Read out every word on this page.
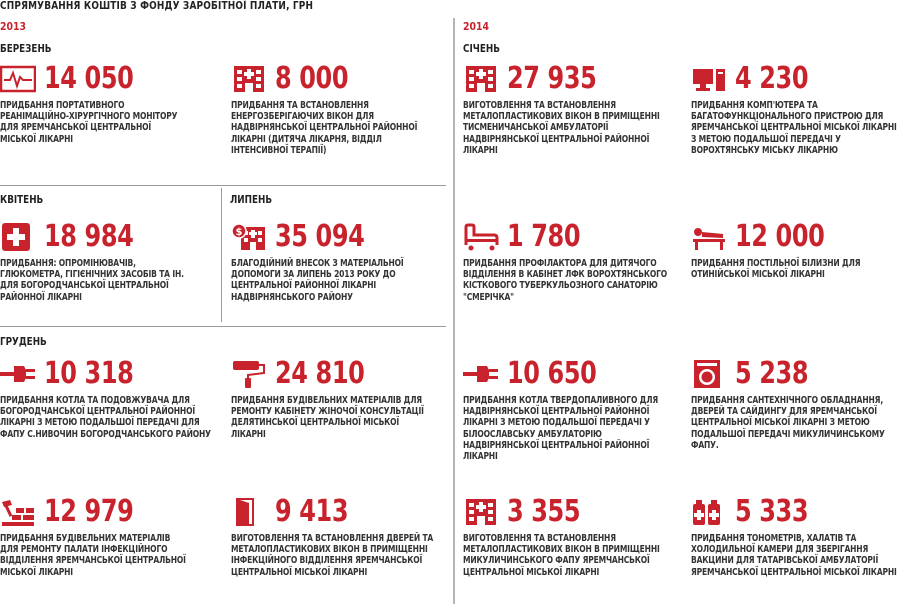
СПРЯМУВАННЯ КОШТІВ З ФОНДУ ЗАРОБІТНОЇ ПЛАТИ, ГРН
2013	2014
БЕРЕЗЕНЬ
КВІТЕНЬ	ЛИПЕНЬ
ГРУДЕНЬ
СІЧЕНЬ
14 050
ПРИДБАННЯ ПОРТАТИВНОГО
РЕАНІМАЦІЙНО-ХІРУРГІЧНОГО МОНІТОРУ
ДЛЯ ЯРЕМЧАНСЬКОЇ ЦЕНТРАЛЬНОЇ
МІСЬКОЇ ЛІКАРНІ
8 000
ПРИДБАННЯ ТА ВСТАНОВЛЕННЯ
ЕНЕРГОЗБЕРІГАЮЧИХ ВІКОН ДЛЯ
НАДВІРНЯНСЬКОЇ ЦЕНТРАЛЬНОЇ РАЙОННОЇ
ЛІКАРНІ (ДИТЯЧА ЛІКАРНЯ, ВІДДІЛ
ІНТЕНСИВНОЇ ТЕРАПІЇ)
18 984
ПРИДБАННЯ: ОПРОМІНЮВАЧІВ,
ГЛЮКОМЕТРА, ГІГІЄНІЧНИХ ЗАСОБІВ ТА ІН.
ДЛЯ БОГОРОДЧАНСЬКОЇ ЦЕНТРАЛЬНОЇ
РАЙОННОЇ ЛІКАРНІ
$ 35 094
БЛАГОДІЙНИЙ ВНЕСОК З МАТЕРІАЛЬНОЇ
ДОПОМОГИ ЗА ЛИПЕНЬ 2013 РОКУ ДО
ЦЕНТРАЛЬНОЇ РАЙОННОЇ ЛІКАРНІ
НАДВІРНЯНСЬКОГО РАЙОНУ
10 318
ПРИДБАННЯ КОТЛА ТА ПОДОВЖУВАЧА ДЛЯ
БОГОРОДЧАНСЬКОЇ ЦЕНТРАЛЬНОЇ РАЙОННОЇ
ЛІКАРНІ З МЕТОЮ ПОДАЛЬШОЇ ПЕРЕДАЧІ ДЛЯ
ФАПУ С.НИВОЧИН БОГОРОДЧАНСЬКОГО РАЙОНУ
24 810
ПРИДБАННЯ БУДІВЕЛЬНИХ МАТЕРІАЛІВ ДЛЯ
РЕМОНТУ КАБІНЕТУ ЖІНОЧОЇ КОНСУЛЬТАЦІЇ
ДЕЛЯТИНСЬКОЇ ЦЕНТРАЛЬНОЇ МІСЬКОЇ
ЛІКАРНІ
12 979
ПРИДБАННЯ БУДІВЕЛЬНИХ МАТЕРІАЛІВ
ДЛЯ РЕМОНТУ ПАЛАТИ ІНФЕКЦІЙНОГО
ВІДДІЛЕННЯ ЯРЕМЧАНСЬКОЇ ЦЕНТРАЛЬНОЇ
МІСЬКОЇ ЛІКАРНІ
9 413
ВИГОТОВЛЕННЯ ТА ВСТАНОВЛЕННЯ ДВЕРЕЙ ТА
МЕТАЛОПЛАСТИКОВИХ ВІКОН В ПРИМІЩЕННІ
ІНФЕКЦІЙНОГО ВІДДІЛЕННЯ ЯРЕМЧАНСЬКОЇ
ЦЕНТРАЛЬНОЇ МІСЬКОЇ ЛІКАРНІ
27 935
ВИГОТОВЛЕННЯ ТА ВСТАНОВЛЕННЯ
МЕТАЛОПЛАСТИКОВИХ ВІКОН В ПРИМІЩЕННІ
ТИСМЕНИЧАНСЬКОЇ АМБУЛАТОРІЇ
НАДВІРНЯНСЬКОЇ ЦЕНТРАЛЬНОЇ РАЙОННОЇ
ЛІКАРНІ
4 230
ПРИДБАННЯ КОМП'ЮТЕРА ТА
БАГАТОФУНКЦІОНАЛЬНОГО ПРИСТРОЮ ДЛЯ
ЯРЕМЧАНСЬКОЇ ЦЕНТРАЛЬНОЇ МІСЬКОЇ ЛІКАРНІ
З МЕТОЮ ПОДАЛЬШОЇ ПЕРЕДАЧІ У
ВОРОХТЯНСЬКУ МІСЬКУ ЛІКАРНЮ
1 780
ПРИДБАННЯ ПРОФІЛАКТОРА ДЛЯ ДИТЯЧОГО
ВІДДІЛЕННЯ В КАБІНЕТ ЛФК ВОРОХТЯНСЬКОГО
КІСТКОВОГО ТУБЕРКУЛЬОЗНОГО САНАТОРІЮ
"СМЕРІЧКА"
12 000
ПРИДБАННЯ ПОСТІЛЬНОЇ БІЛИЗНИ ДЛЯ
ОТИНІЙСЬКОЇ МІСЬКОЇ ЛІКАРНІ
10 650
ПРИДБАННЯ КОТЛА ТВЕРДОПАЛИВНОГО ДЛЯ
НАДВІРНЯНСЬКОЇ ЦЕНТРАЛЬНОЇ РАЙОННОЇ
ЛІКАРНІ З МЕТОЮ ПОДАЛЬШОЇ ПЕРЕДАЧІ У
БІЛООСЛАВСЬКУ АМБУЛАТОРІЮ
НАДВІРНЯНСЬКОЇ ЦЕНТРАЛЬНОЇ РАЙОННОЇ
ЛІКАРНІ
5 238
ПРИДБАННЯ САНТЕХНІЧНОГО ОБЛАДНАННЯ,
ДВЕРЕЙ ТА САЙДИНГУ ДЛЯ ЯРЕМЧАНСЬКОЇ
ЦЕНТРАЛЬНОЇ МІСЬКОЇ ЛІКАРНІ З МЕТОЮ
ПОДАЛЬШОЇ ПЕРЕДАЧІ МИКУЛИЧИНСЬКОМУ
ФАПУ.
3 355
ВИГОТОВЛЕННЯ ТА ВСТАНОВЛЕННЯ
МЕТАЛОПЛАСТИКОВИХ ВІКОН В ПРИМІЩЕННІ
МИКУЛИЧИНСЬКОГО ФАПУ ЯРЕМЧАНСЬКОЇ
ЦЕНТРАЛЬНОЇ МІСЬКОЇ ЛІКАРНІ
5 333
ПРИДБАННЯ ТОНОМЕТРІВ, ХАЛАТІВ ТА
ХОЛОДИЛЬНОЇ КАМЕРИ ДЛЯ ЗБЕРІГАННЯ
ВАКЦИНИ ДЛЯ ТАТАРІВСЬКОЇ АМБУЛАТОРІЇ
ЯРЕМЧАНСЬКОЇ ЦЕНТРАЛЬНОЇ МІСЬКОЇ ЛІКАРНІ
